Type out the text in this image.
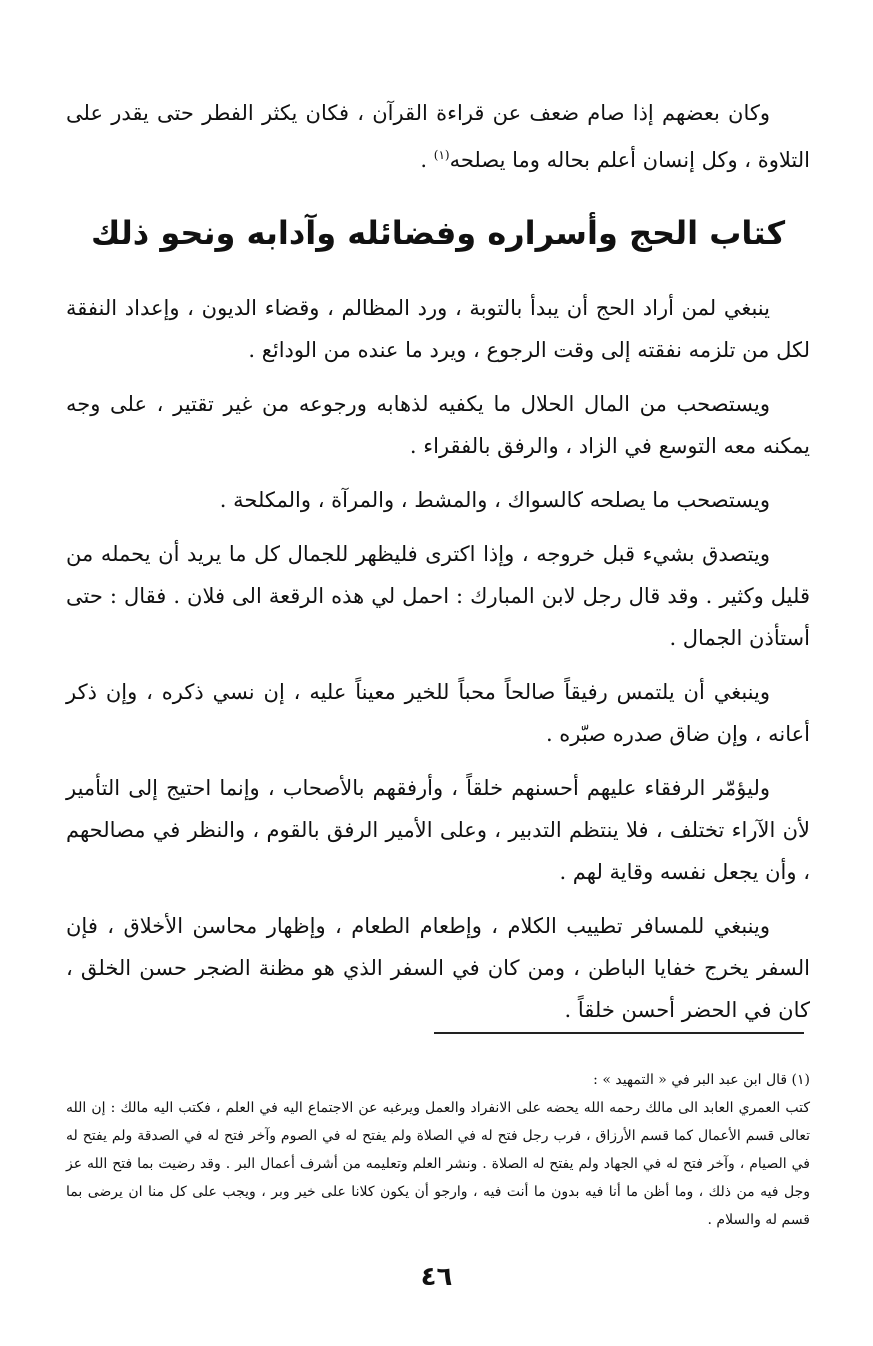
وكان بعضهم إذا صام ضعف عن قراءة القرآن ، فكان يكثر الفطر حتى يقدر على التلاوة ، وكل إنسان أعلم بحاله وما يصلحه$^{(١)}$ .

كتاب الحج وأسراره وفضائله وآدابه ونحو ذلك

ينبغي لمن أراد الحج أن يبدأ بالتوبة ، ورد المظالم ، وقضاء الديون ، وإعداد النفقة لكل من تلزمه نفقته إلى وقت الرجوع ، ويرد ما عنده من الودائع .

ويستصحب من المال الحلال ما يكفيه لذهابه ورجوعه من غير تقتير ، على وجه يمكنه معه التوسع في الزاد ، والرفق بالفقراء .

ويستصحب ما يصلحه كالسواك ، والمشط ، والمرآة ، والمكلحة .

ويتصدق بشيء قبل خروجه ، وإذا اكترى فليظهر للجمال كل ما يريد أن يحمله من قليل وكثير . وقد قال رجل لابن المبارك : احمل لي هذه الرقعة الى فلان . فقال : حتى أستأذن الجمال .

وينبغي أن يلتمس رفيقاً صالحاً محباً للخير معيناً عليه ، إن نسي ذكره ، وإن ذكر أعانه ، وإن ضاق صدره صبّره .

وليؤمّر الرفقاء عليهم أحسنهم خلقاً ، وأرفقهم بالأصحاب ، وإنما احتيج إلى التأمير لأن الآراء تختلف ، فلا ينتظم التدبير ، وعلى الأمير الرفق بالقوم ، والنظر في مصالحهم ، وأن يجعل نفسه وقاية لهم .

وينبغي للمسافر تطييب الكلام ، وإطعام الطعام ، وإظهار محاسن الأخلاق ، فإن السفر يخرج خفايا الباطن ، ومن كان في السفر الذي هو مظنة الضجر حسن الخلق ، كان في الحضر أحسن خلقاً .

(١) قال ابن عبد البر في « التمهيد » :

كتب العمري العابد الى مالك رحمه الله يحضه على الانفراد والعمل ويرغبه عن الاجتماع اليه في العلم ، فكتب اليه مالك : إن الله تعالى قسم الأعمال كما قسم الأرزاق ، فرب رجل فتح له في الصلاة ولم يفتح له في الصوم وآخر فتح له في الصدقة ولم يفتح له في الصيام ، وآخر فتح له في الجهاد ولم يفتح له الصلاة . ونشر العلم وتعليمه من أشرف أعمال البر . وقد رضيت بما فتح الله عز وجل فيه من ذلك ، وما أظن ما أنا فيه بدون ما أنت فيه ، وارجو أن يكون كلانا على خير وبر ، ويجب على كل منا ان يرضى بما قسم له والسلام .

٤٦
